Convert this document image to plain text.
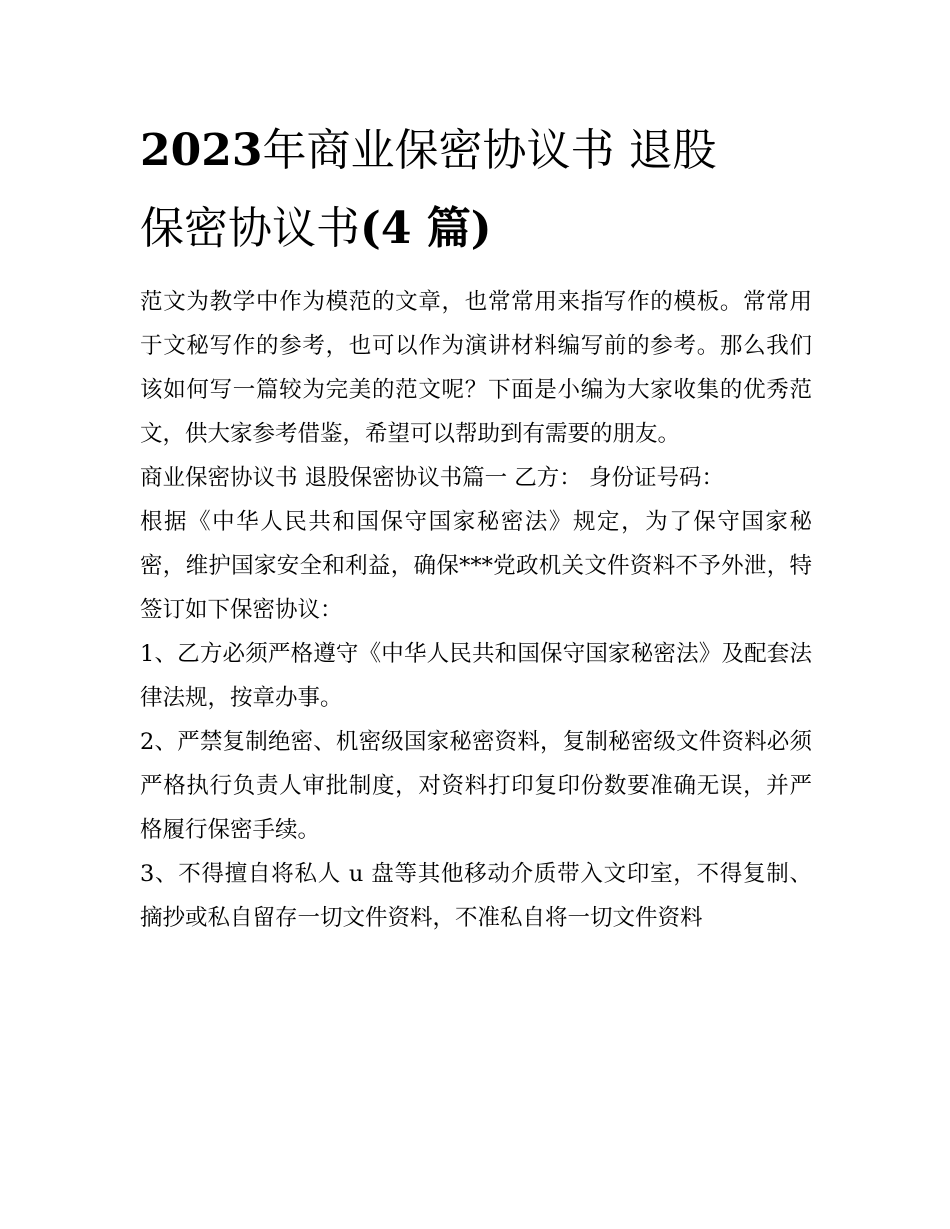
2023年商业保密协议书 退股
保密协议书(4 篇)

范文为教学中作为模范的文章，也常常用来指写作的模板。常常用于文秘写作的参考，也可以作为演讲材料编写前的参考。那么我们该如何写一篇较为完美的范文呢？下面是小编为大家收集的优秀范文，供大家参考借鉴，希望可以帮助到有需要的朋友。

商业保密协议书 退股保密协议书篇一 乙方： 身份证号码：

根据《中华人民共和国保守国家秘密法》规定，为了保守国家秘密，维护国家安全和利益，确保***党政机关文件资料不予外泄，特签订如下保密协议：

1、乙方必须严格遵守《中华人民共和国保守国家秘密法》及配套法律法规，按章办事。

2、严禁复制绝密、机密级国家秘密资料，复制秘密级文件资料必须严格执行负责人审批制度，对资料打印复印份数要准确无误，并严格履行保密手续。

3、不得擅自将私人 u 盘等其他移动介质带入文印室，不得复制、摘抄或私自留存一切文件资料，不准私自将一切文件资料
